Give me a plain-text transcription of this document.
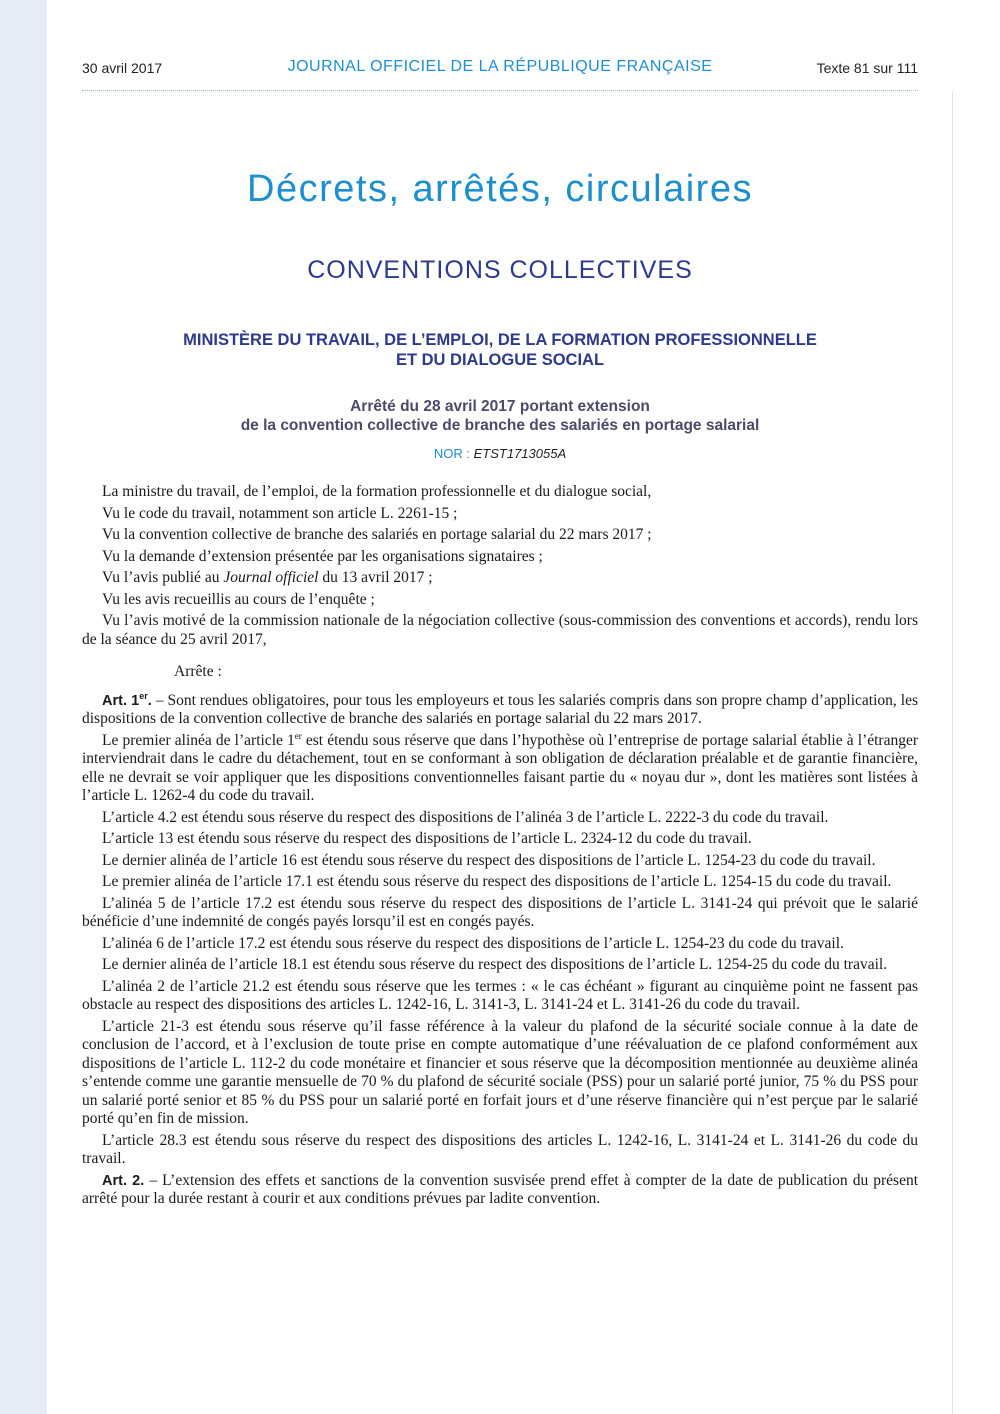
30 avril 2017	JOURNAL OFFICIEL DE LA RÉPUBLIQUE FRANÇAISE	Texte 81 sur 111
Décrets, arrêtés, circulaires
CONVENTIONS COLLECTIVES
MINISTÈRE DU TRAVAIL, DE L’EMPLOI, DE LA FORMATION PROFESSIONNELLE
ET DU DIALOGUE SOCIAL
Arrêté du 28 avril 2017 portant extension
de la convention collective de branche des salariés en portage salarial
NOR : ETST1713055A

La ministre du travail, de l’emploi, de la formation professionnelle et du dialogue social,

Vu le code du travail, notamment son article L. 2261-15 ;

Vu la convention collective de branche des salariés en portage salarial du 22 mars 2017 ;

Vu la demande d’extension présentée par les organisations signataires ;

Vu l’avis publié au Journal officiel du 13 avril 2017 ;

Vu les avis recueillis au cours de l’enquête ;

Vu l’avis motivé de la commission nationale de la négociation collective (sous-commission des conventions et accords), rendu lors de la séance du 25 avril 2017,

Arrête :

Art. 1er. – Sont rendues obligatoires, pour tous les employeurs et tous les salariés compris dans son propre champ d’application, les dispositions de la convention collective de branche des salariés en portage salarial du 22 mars 2017.

Le premier alinéa de l’article 1er est étendu sous réserve que dans l’hypothèse où l’entreprise de portage salarial établie à l’étranger interviendrait dans le cadre du détachement, tout en se conformant à son obligation de déclaration préalable et de garantie financière, elle ne devrait se voir appliquer que les dispositions conventionnelles faisant partie du « noyau dur », dont les matières sont listées à l’article L. 1262-4 du code du travail.

L’article 4.2 est étendu sous réserve du respect des dispositions de l’alinéa 3 de l’article L. 2222-3 du code du travail.

L’article 13 est étendu sous réserve du respect des dispositions de l’article L. 2324-12 du code du travail.

Le dernier alinéa de l’article 16 est étendu sous réserve du respect des dispositions de l’article L. 1254-23 du code du travail.

Le premier alinéa de l’article 17.1 est étendu sous réserve du respect des dispositions de l’article L. 1254-15 du code du travail.

L’alinéa 5 de l’article 17.2 est étendu sous réserve du respect des dispositions de l’article L. 3141-24 qui prévoit que le salarié bénéficie d’une indemnité de congés payés lorsqu’il est en congés payés.

L’alinéa 6 de l’article 17.2 est étendu sous réserve du respect des dispositions de l’article L. 1254-23 du code du travail.

Le dernier alinéa de l’article 18.1 est étendu sous réserve du respect des dispositions de l’article L. 1254-25 du code du travail.

L’alinéa 2 de l’article 21.2 est étendu sous réserve que les termes : « le cas échéant » figurant au cinquième point ne fassent pas obstacle au respect des dispositions des articles L. 1242-16, L. 3141-3, L. 3141-24 et L. 3141-26 du code du travail.

L’article 21-3 est étendu sous réserve qu’il fasse référence à la valeur du plafond de la sécurité sociale connue à la date de conclusion de l’accord, et à l’exclusion de toute prise en compte automatique d’une réévaluation de ce plafond conformément aux dispositions de l’article L. 112-2 du code monétaire et financier et sous réserve que la décomposition mentionnée au deuxième alinéa s’entende comme une garantie mensuelle de 70 % du plafond de sécurité sociale (PSS) pour un salarié porté junior, 75 % du PSS pour un salarié porté senior et 85 % du PSS pour un salarié porté en forfait jours et d’une réserve financière qui n’est perçue par le salarié porté qu’en fin de mission.

L’article 28.3 est étendu sous réserve du respect des dispositions des articles L. 1242-16, L. 3141-24 et L. 3141-26 du code du travail.

Art. 2. – L’extension des effets et sanctions de la convention susvisée prend effet à compter de la date de publication du présent arrêté pour la durée restant à courir et aux conditions prévues par ladite convention.
